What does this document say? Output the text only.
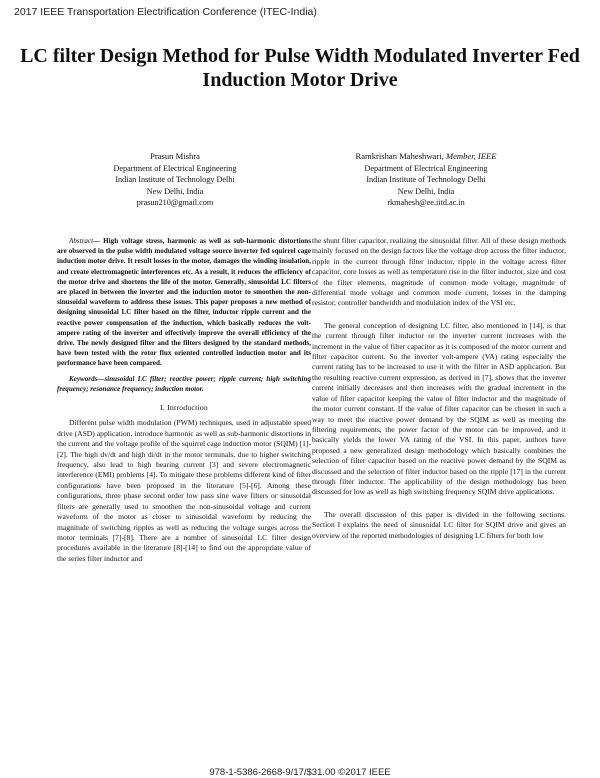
2017 IEEE Transportation Electrification Conference (ITEC-India)
LC filter Design Method for Pulse Width Modulated Inverter Fed Induction Motor Drive
Prasun Mishra
Department of Electrical Engineering
Indian Institute of Technology Delhi
New Delhi, India
prasun210@gmail.com
Ramkrishan Maheshwari, Member, IEEE
Department of Electrical Engineering
Indian Institute of Technology Delhi
New Delhi, India
rkmahesh@ee.iitd.ac.in

Abstract— High voltage stress, harmonic as well as sub-harmonic distortions are observed in the pulse width modulated voltage source inverter fed squirrel cage induction motor drive. It result losses in the motor, damages the winding insulation, and create electromagnetic interferences etc. As a result, it reduces the efficiency of the motor drive and shortens the life of the motor. Generally, sinusoidal LC filters are placed in between the inverter and the induction motor to smoothen the non-sinusoidal waveform to address these issues. This paper proposes a new method of designing sinusoidal LC filter based on the filter, inductor ripple current and the reactive power compensation of the induction, which basically reduces the volt-ampere rating of the inverter and effectively improve the overall efficiency of the drive. The newly designed filter and the filters designed by the standard methods, have been tested with the rotor flux oriented controlled induction motor and its performance have been compared.

Keywords—sinusoidal LC filter; reactive power; ripple current; high switching frequency; resonance frequency; induction motor.

I. Introduction

Different pulse width modulation (PWM) techniques, used in adjustable speed drive (ASD) application, introduce harmonic as well as sub-harmonic distortions in the current and the voltage profile of the squirrel cage induction motor (SQIM) [1]-[2]. The high dv/dt and high di/dt in the motor terminals, due to higher switching frequency, also lead to high bearing current [3] and severe electromagnetic interference (EMI) problems [4]. To mitigate these problems different kind of filter configurations have been proposed in the literature [5]-[6]. Among these configurations, three phase second order low pass sine wave filters or sinusoidal filters are generally used to smoothen the non-sinusoidal voltage and current waveform of the motor as closer to sinusoidal waveform by reducing the magnitude of switching ripples as well as reducing the voltage surges across the motor terminals [7]-[8]. There are a number of sinusoidal LC filter design procedures available in the literature [8]-[14] to find out the appropriate value of the series filter inductor and

the shunt filter capacitor, realizing the sinusoidal filter. All of these design methods mainly focused on the design factors like the voltage drop across the filter inductor, ripple in the current through filter inductor, ripple in the voltage across filter capacitor, core losses as well as temperature rise in the filter inductor, size and cost of the filter elements, magnitude of common mode voltage, magnitude of differential mode voltage and common mode current, losses in the damping resistor, controller bandwidth and modulation index of the VSI etc.

The general conception of designing LC filter, also mentioned in [14], is that the current through filter inductor or the inverter current increases with the increment in the value of filter capacitor as it is composed of the motor current and filter capacitor current. So the inverter volt-ampere (VA) rating especially the current rating has to be increased to use it with the filter in ASD application. But the resulting reactive current expression, as derived in [7], shows that the inverter current initially decreases and then increases with the gradual increment in the value of filter capacitor keeping the value of filter inductor and the magnitude of the motor current constant. If the value of filter capacitor can be chosen in such a way to meet the reactive power demand by the SQIM as well as meeting the filtering requirements, the power factor of the motor can be improved, and it basically yields the lower VA rating of the VSI. In this paper, authors have proposed a new generalized design methodology which basically combines the selection of filter capacitor based on the reactive power demand by the SQIM as discussed and the selection of filter inductor based on the ripple [17] in the current through filter inductor. The applicability of the design methodology has been discussed for low as well as high switching frequency SQIM drive applications.

The overall discussion of this paper is divided in the following sections. Section I explains the need of sinusoidal LC filter for SQIM drive and gives an overview of the reported methodologies of designing LC filters for both low

978-1-5386-2668-9/17/$31.00 ©2017 IEEE
